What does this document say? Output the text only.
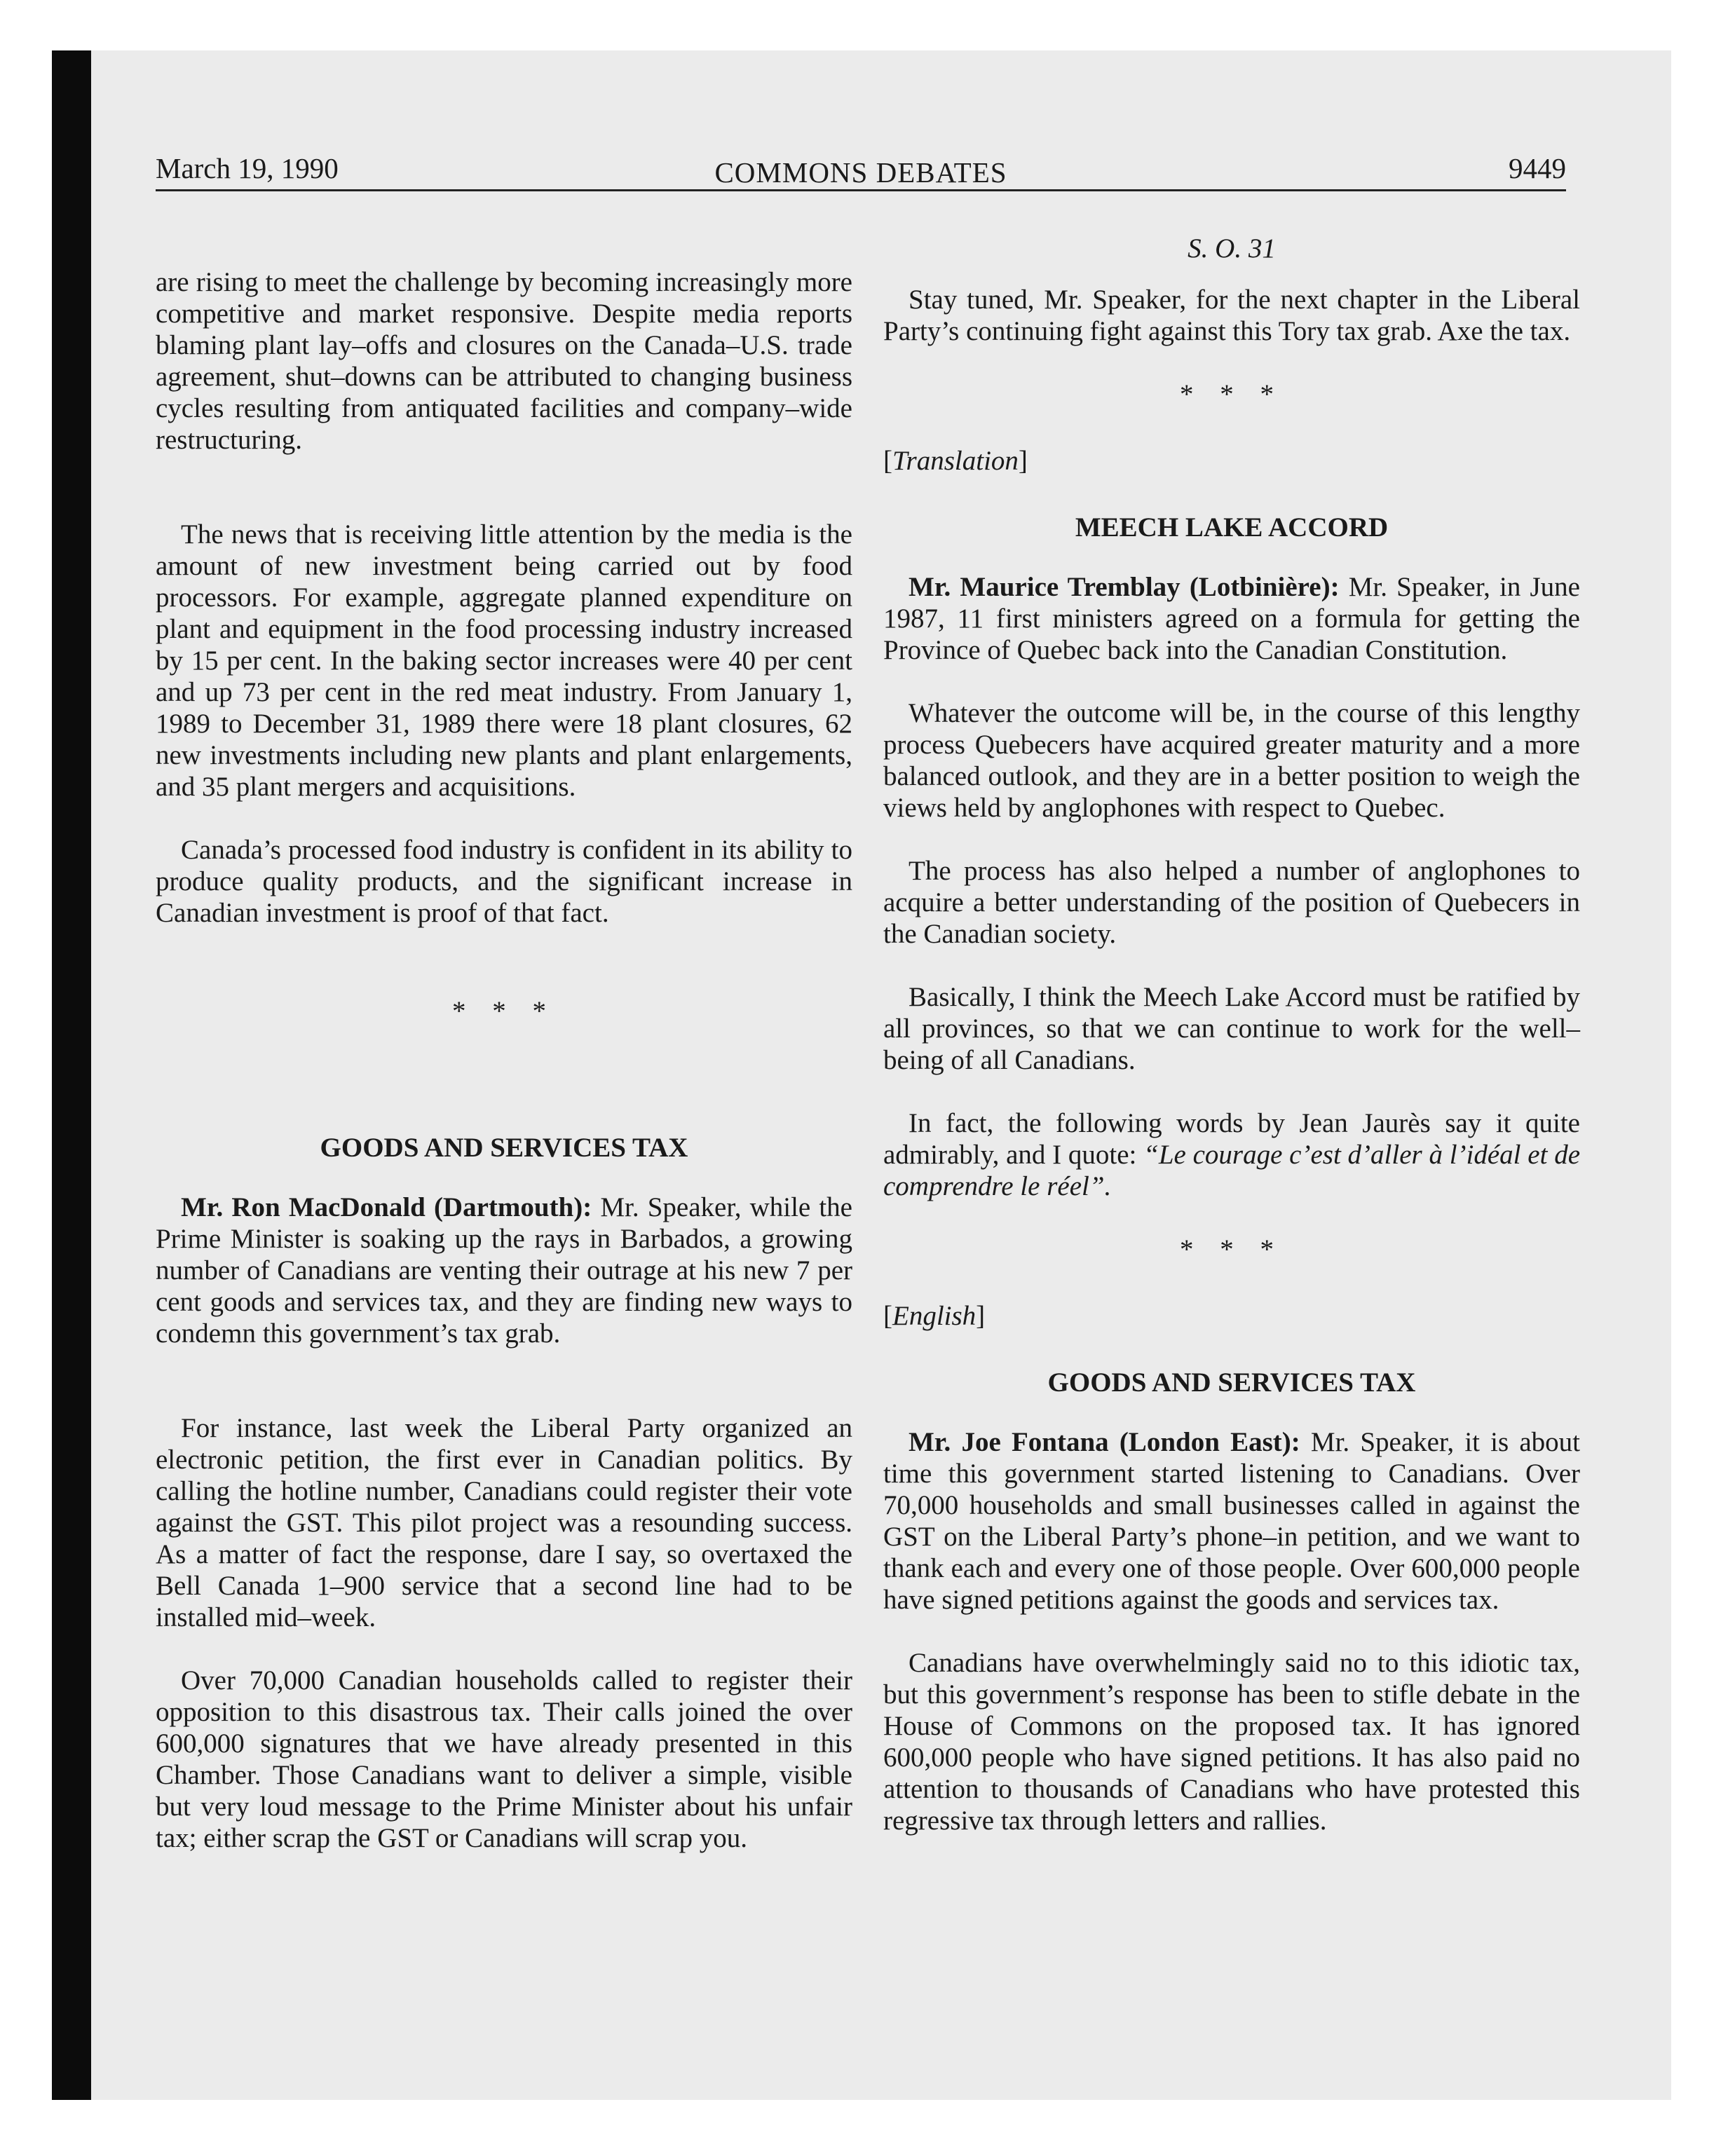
March 19, 1990	COMMONS DEBATES	9449

are rising to meet the challenge by becoming increasingly more competitive and market responsive. Despite media reports blaming plant lay–offs and closures on the Canada–U.S. trade agreement, shut–downs can be attributed to changing business cycles resulting from antiquated facilities and company–wide restructuring.

The news that is receiving little attention by the media is the amount of new investment being carried out by food processors. For example, aggregate planned expenditure on plant and equipment in the food processing industry increased by 15 per cent. In the baking sector increases were 40 per cent and up 73 per cent in the red meat industry. From January 1, 1989 to December 31, 1989 there were 18 plant closures, 62 new investments including new plants and plant enlargements, and 35 plant mergers and acquisitions.

Canada’s processed food industry is confident in its ability to produce quality products, and the significant increase in Canadian investment is proof of that fact.

* * *
GOODS AND SERVICES TAX

Mr. Ron MacDonald (Dartmouth): Mr. Speaker, while the Prime Minister is soaking up the rays in Barbados, a growing number of Canadians are venting their outrage at his new 7 per cent goods and services tax, and they are finding new ways to condemn this government’s tax grab.

For instance, last week the Liberal Party organized an electronic petition, the first ever in Canadian politics. By calling the hotline number, Canadians could register their vote against the GST. This pilot project was a resounding success. As a matter of fact the response, dare I say, so overtaxed the Bell Canada 1–900 service that a second line had to be installed mid–week.

Over 70,000 Canadian households called to register their opposition to this disastrous tax. Their calls joined the over 600,000 signatures that we have already presented in this Chamber. Those Canadians want to deliver a simple, visible but very loud message to the Prime Minister about his unfair tax; either scrap the GST or Canadians will scrap you.

S. O. 31

Stay tuned, Mr. Speaker, for the next chapter in the Liberal Party’s continuing fight against this Tory tax grab. Axe the tax.

* * *
[Translation]
MEECH LAKE ACCORD

Mr. Maurice Tremblay (Lotbinière): Mr. Speaker, in June 1987, 11 first ministers agreed on a formula for getting the Province of Quebec back into the Canadian Constitution.

Whatever the outcome will be, in the course of this lengthy process Quebecers have acquired greater maturity and a more balanced outlook, and they are in a better position to weigh the views held by anglophones with respect to Quebec.

The process has also helped a number of anglophones to acquire a better understanding of the position of Quebecers in the Canadian society.

Basically, I think the Meech Lake Accord must be ratified by all provinces, so that we can continue to work for the well–being of all Canadians.

In fact, the following words by Jean Jaurès say it quite admirably, and I quote: “Le courage c’est d’aller à l’idéal et de comprendre le réel”.

* * *
[English]
GOODS AND SERVICES TAX

Mr. Joe Fontana (London East): Mr. Speaker, it is about time this government started listening to Canadians. Over 70,000 households and small businesses called in against the GST on the Liberal Party’s phone–in petition, and we want to thank each and every one of those people. Over 600,000 people have signed petitions against the goods and services tax.

Canadians have overwhelmingly said no to this idiotic tax, but this government’s response has been to stifle debate in the House of Commons on the proposed tax. It has ignored 600,000 people who have signed petitions. It has also paid no attention to thousands of Canadians who have protested this regressive tax through letters and rallies.
